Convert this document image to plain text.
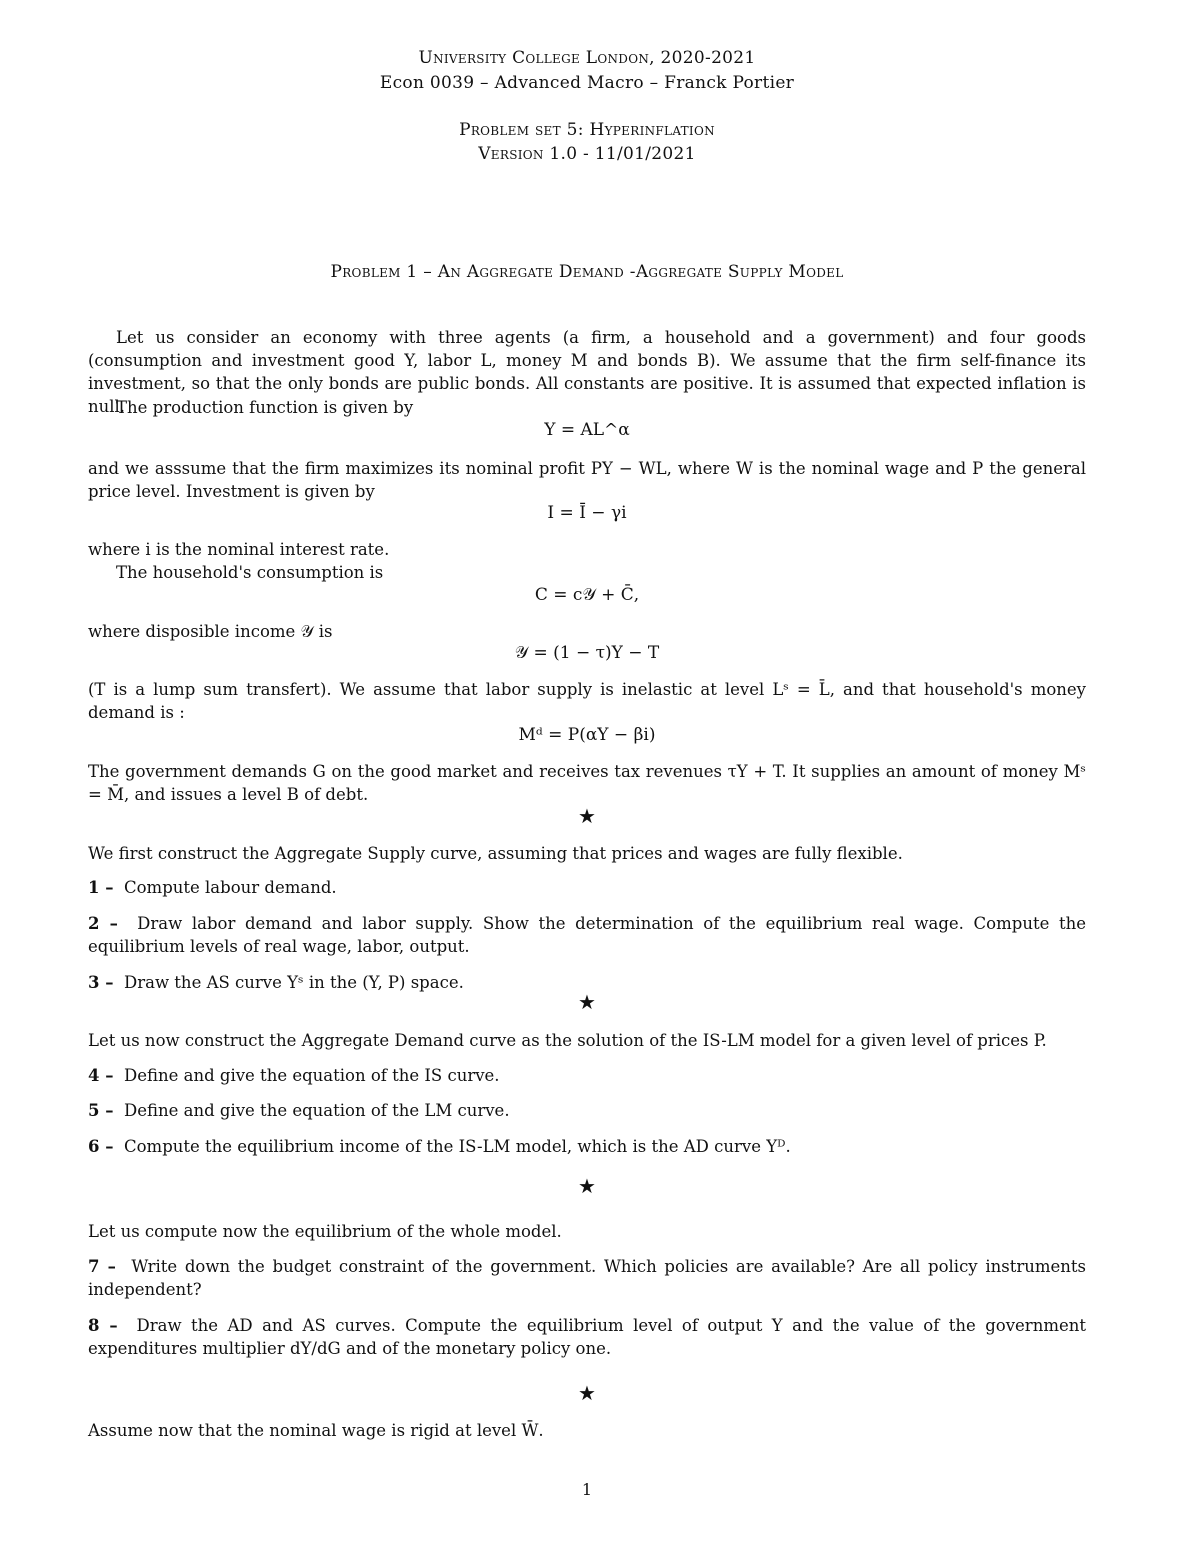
University College London, 2020-2021
Econ 0039 – Advanced Macro – Franck Portier
Problem set 5: Hyperinflation
Version 1.0 - 11/01/2021
Problem 1 – An Aggregate Demand -Aggregate Supply Model
Let us consider an economy with three agents (a firm, a household and a government) and four goods (consumption and investment good Y, labor L, money M and bonds B). We assume that the firm self-finance its investment, so that the only bonds are public bonds. All constants are positive. It is assumed that expected inflation is null.
The production function is given by
Y = AL^α
and we asssume that the firm maximizes its nominal profit PY − WL, where W is the nominal wage and P the general price level. Investment is given by
I = Ī − γi
where i is the nominal interest rate.
The household's consumption is
C = c𝒴 + C̄,
where disposible income 𝒴 is
𝒴 = (1 − τ)Y − T
(T is a lump sum transfert). We assume that labor supply is inelastic at level Lˢ = L̄, and that household's money demand is :
Mᵈ = P(αY − βi)
The government demands G on the good market and receives tax revenues τY + T. It supplies an amount of money Mˢ = M̄, and issues a level B of debt.
★
We first construct the Aggregate Supply curve, assuming that prices and wages are fully flexible.
1 – Compute labour demand.
2 – Draw labor demand and labor supply. Show the determination of the equilibrium real wage. Compute the equilibrium levels of real wage, labor, output.
3 – Draw the AS curve Yˢ in the (Y, P) space.
★
Let us now construct the Aggregate Demand curve as the solution of the IS-LM model for a given level of prices P.
4 – Define and give the equation of the IS curve.
5 – Define and give the equation of the LM curve.
6 – Compute the equilibrium income of the IS-LM model, which is the AD curve Yᴰ.
★
Let us compute now the equilibrium of the whole model.
7 – Write down the budget constraint of the government. Which policies are available? Are all policy instruments independent?
8 – Draw the AD and AS curves. Compute the equilibrium level of output Y and the value of the government expenditures multiplier dY/dG and of the monetary policy one.
★
Assume now that the nominal wage is rigid at level W̄.
1
